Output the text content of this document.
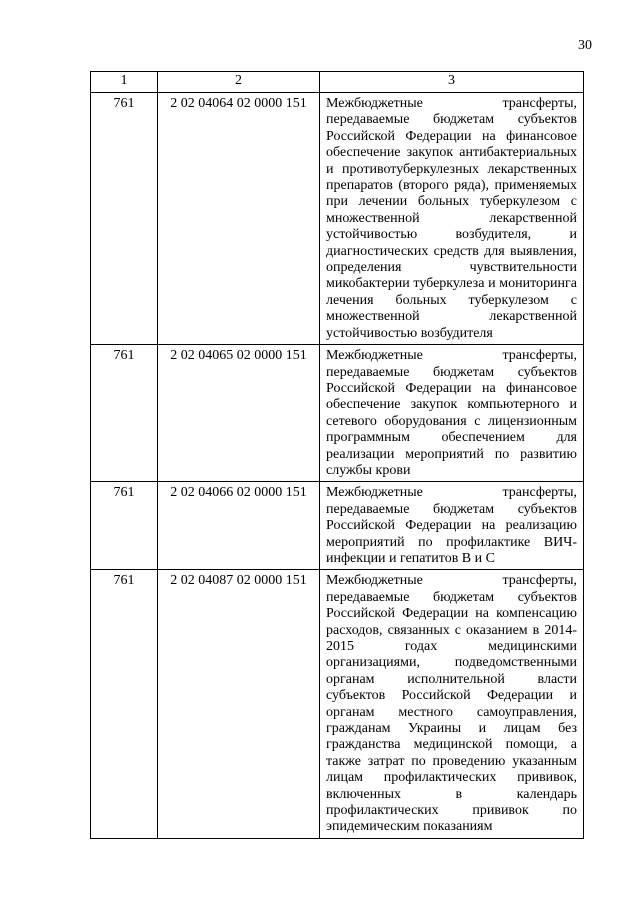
30
1	2	3
761	2 02 04064 02 0000 151	Межбюджетные трансферты, передаваемые бюджетам субъектов Российской Федерации на финансовое обеспечение закупок антибактериальных и противотуберкулезных лекарственных препаратов (второго ряда), применяемых при лечении больных туберкулезом с множественной лекарственной устойчивостью возбудителя, и диагностических средств для выявления, определения чувствительности микобактерии туберкулеза и мониторинга лечения больных туберкулезом с множественной лекарственной устойчивостью возбудителя
761	2 02 04065 02 0000 151	Межбюджетные трансферты, передаваемые бюджетам субъектов Российской Федерации на финансовое обеспечение закупок компьютерного и сетевого оборудования с лицензионным программным обеспечением для реализации мероприятий по развитию службы крови
761	2 02 04066 02 0000 151	Межбюджетные трансферты, передаваемые бюджетам субъектов Российской Федерации на реализацию мероприятий по профилактике ВИЧ-инфекции и гепатитов В и С
761	2 02 04087 02 0000 151	Межбюджетные трансферты, передаваемые бюджетам субъектов Российской Федерации на компенсацию расходов, связанных с оказанием в 2014-2015 годах медицинскими организациями, подведомственными органам исполнительной власти субъектов Российской Федерации и органам местного самоуправления, гражданам Украины и лицам без гражданства медицинской помощи, а также затрат по проведению указанным лицам профилактических прививок, включенных в календарь профилактических прививок по эпидемическим показаниям
